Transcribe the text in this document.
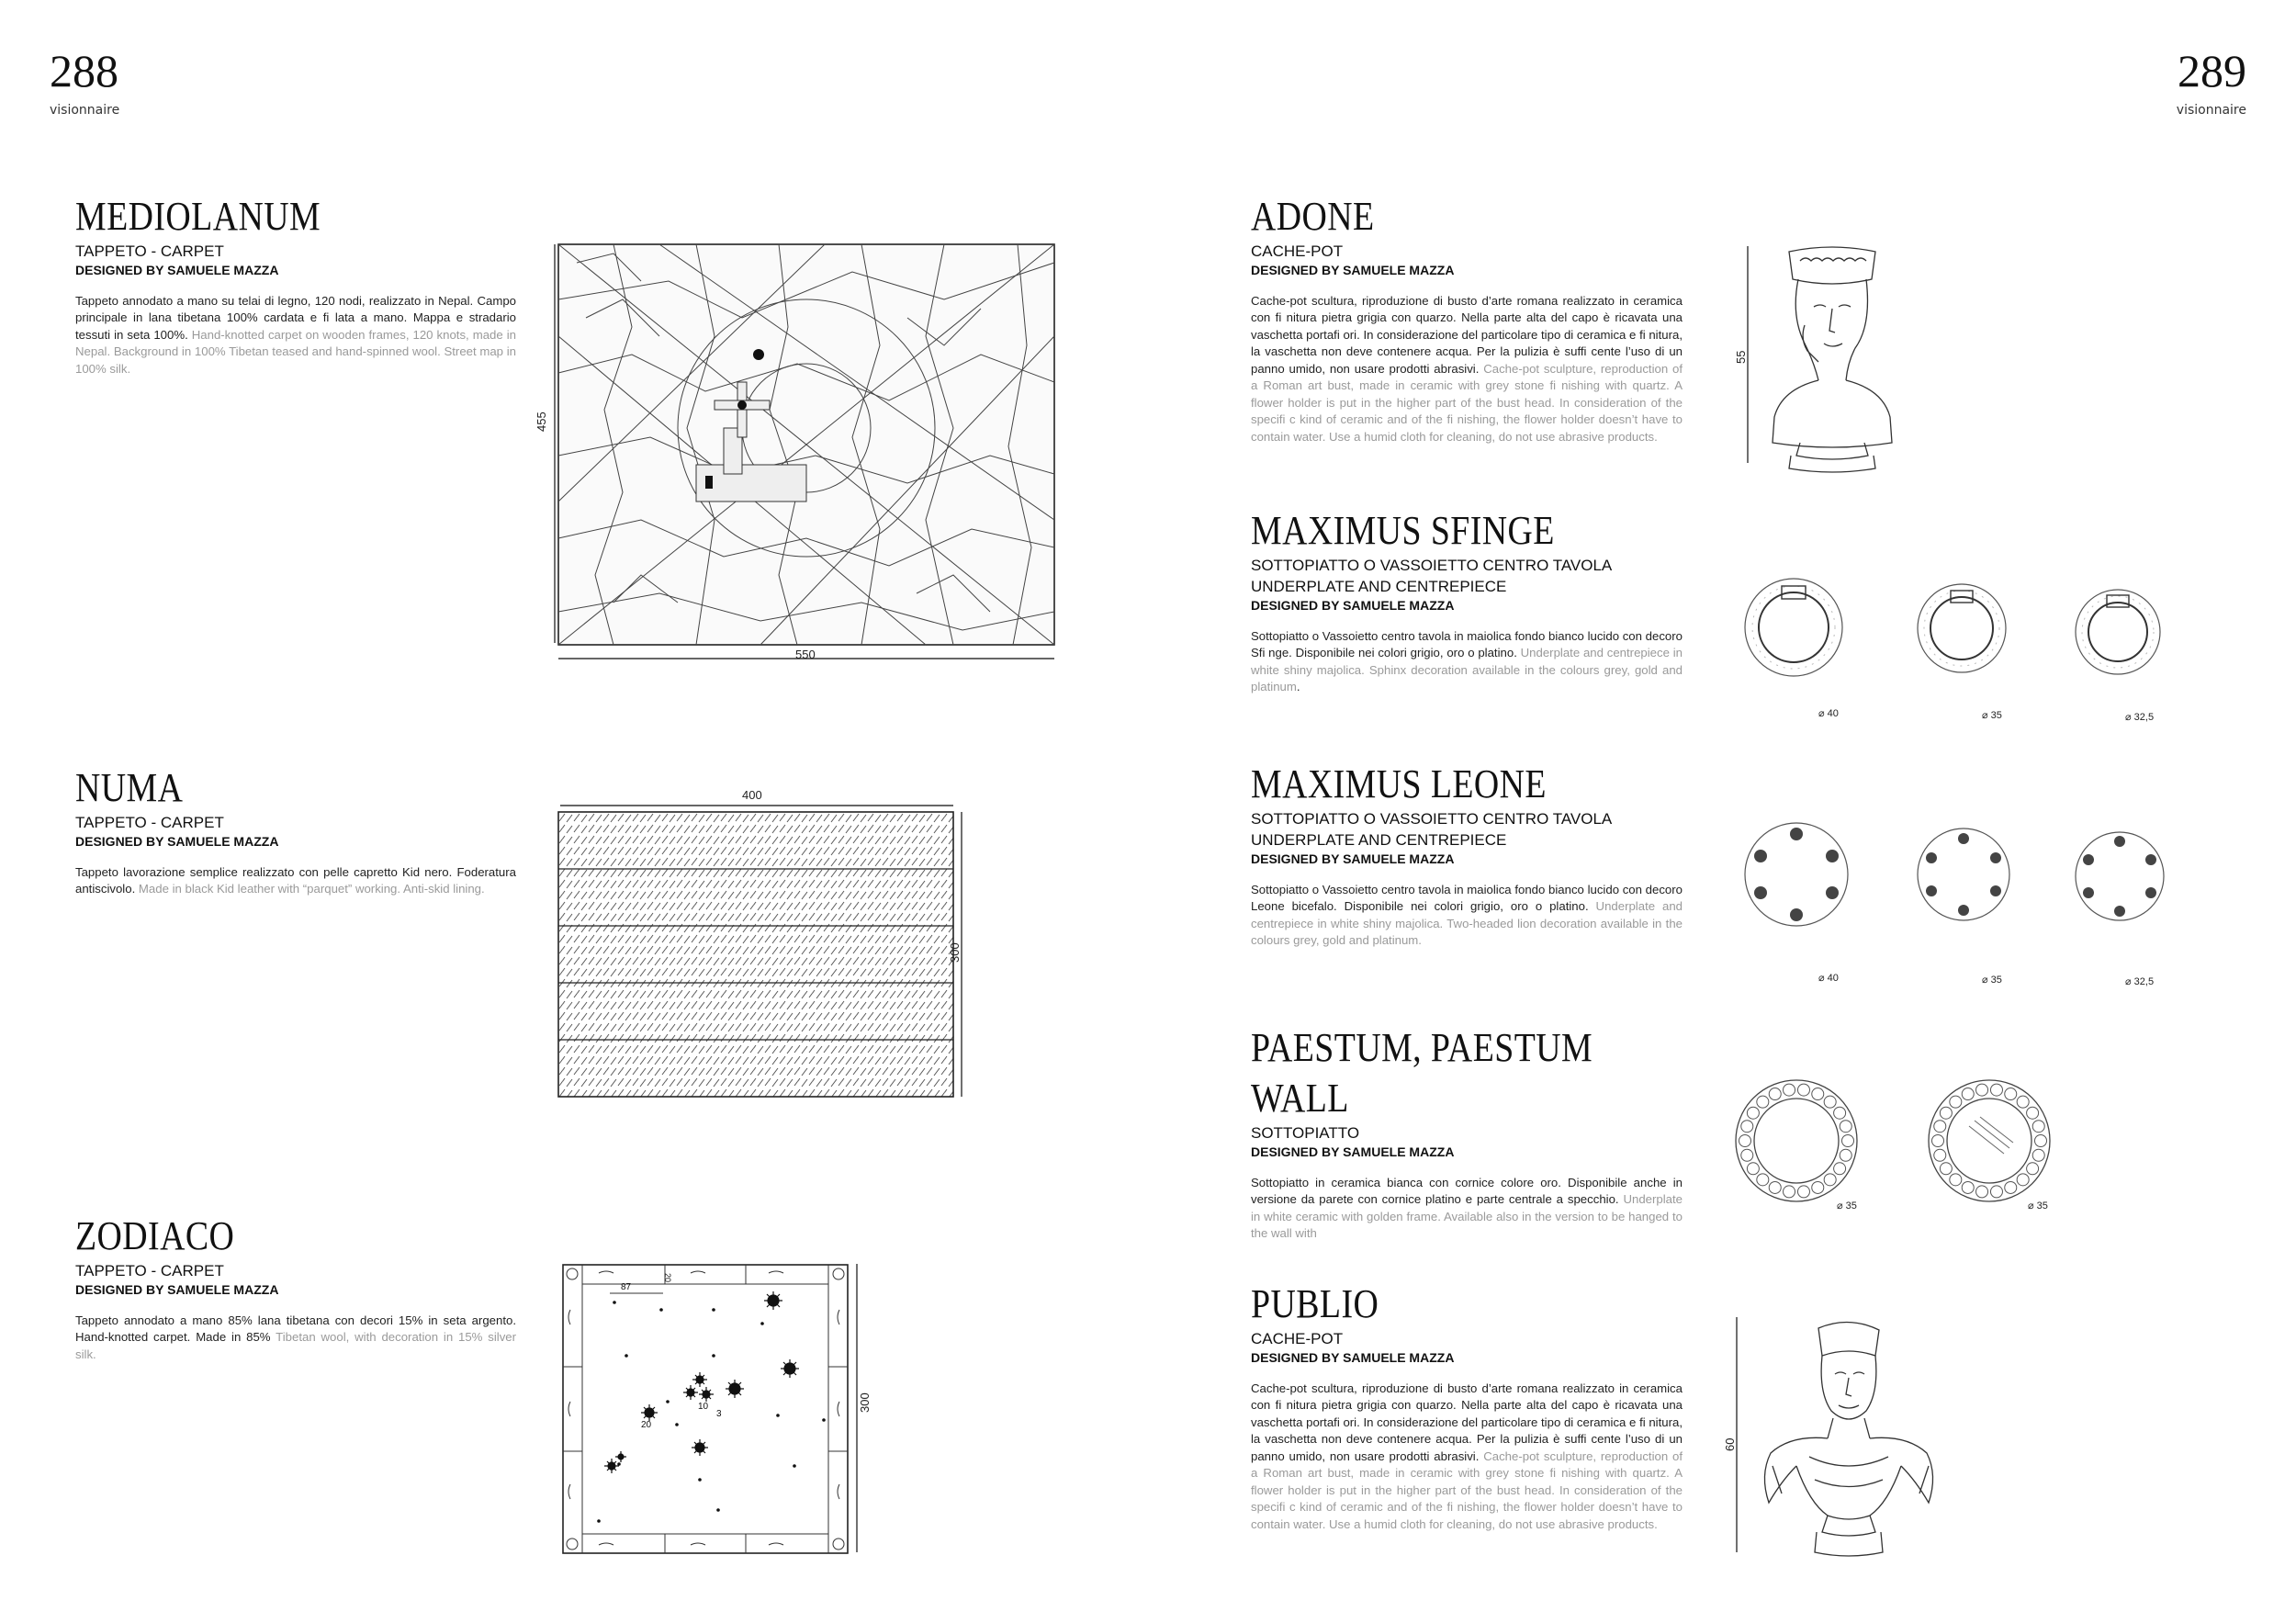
288
visionnaire
289
visionnaire
MEDIOLANUM
TAPPETO - CARPET
DESIGNED BY SAMUELE MAZZA
Tappeto annodato a mano su telai di legno, 120 nodi, realizzato in Nepal. Campo principale in lana tibetana 100% cardata e fi lata a mano. Mappa e stradario tessuti in seta 100%. Hand-knotted carpet on wooden frames, 120 knots, made in Nepal. Background in 100% Tibetan teased and hand-spinned wool. Street map in 100% silk.
455
550
NUMA
TAPPETO - CARPET
DESIGNED BY SAMUELE MAZZA
Tappeto lavorazione semplice realizzato con pelle capretto Kid nero. Foderatura antiscivolo. Made in black Kid leather with “parquet” working. Anti-skid lining.
400
300
ZODIACO
TAPPETO - CARPET
DESIGNED BY SAMUELE MAZZA
Tappeto annodato a mano 85% lana tibetana con decori 15% in seta argento. Hand-knotted carpet. Made in 85% Tibetan wool, with decoration in 15% silver silk.
87
20
20
10
3
300
ADONE
CACHE-POT
DESIGNED BY SAMUELE MAZZA
Cache-pot scultura, riproduzione di busto d’arte romana realizzato in ceramica con fi nitura pietra grigia con quarzo. Nella parte alta del capo è ricavata una vaschetta portafi ori. In considerazione del particolare tipo di ceramica e fi nitura, la vaschetta non deve contenere acqua. Per la pulizia è suffi cente l’uso di un panno umido, non usare prodotti abrasivi. Cache-pot sculpture, reproduction of a Roman art bust, made in ceramic with grey stone fi nishing with quartz. A flower holder is put in the higher part of the bust head. In consideration of the specifi c kind of ceramic and of the fi nishing, the flower holder doesn’t have to contain water. Use a humid cloth for cleaning, do not use abrasive products.
55
MAXIMUS SFINGE
SOTTOPIATTO O VASSOIETTO CENTRO TAVOLA
UNDERPLATE AND CENTREPIECE
DESIGNED BY SAMUELE MAZZA
Sottopiatto o Vassoietto centro tavola in maiolica fondo bianco lucido con decoro Sfi nge. Disponibile nei colori grigio, oro o platino. Underplate and centrepiece in white shiny majolica. Sphinx decoration available in the colours grey, gold and platinum.
⌀ 40	⌀ 35	⌀ 32,5
MAXIMUS LEONE
SOTTOPIATTO O VASSOIETTO CENTRO TAVOLA
UNDERPLATE AND CENTREPIECE
DESIGNED BY SAMUELE MAZZA
Sottopiatto o Vassoietto centro tavola in maiolica fondo bianco lucido con decoro Leone bicefalo. Disponibile nei colori grigio, oro o platino. Underplate and centrepiece in white shiny majolica. Two-headed lion decoration available in the colours grey, gold and platinum.
⌀ 40	⌀ 35	⌀ 32,5
PAESTUM, PAESTUM
WALL
SOTTOPIATTO
DESIGNED BY SAMUELE MAZZA
Sottopiatto in ceramica bianca con cornice colore oro. Disponibile anche in versione da parete con cornice platino e parte centrale a specchio. Underplate in white ceramic with golden frame. Available also in the version to be hanged to the wall with
⌀ 35	⌀ 35
PUBLIO
CACHE-POT
DESIGNED BY SAMUELE MAZZA
Cache-pot scultura, riproduzione di busto d’arte romana realizzato in ceramica con fi nitura pietra grigia con quarzo. Nella parte alta del capo è ricavata una vaschetta portafi ori. In considerazione del particolare tipo di ceramica e fi nitura, la vaschetta non deve contenere acqua. Per la pulizia è suffi cente l’uso di un panno umido, non usare prodotti abrasivi. Cache-pot sculpture, reproduction of a Roman art bust, made in ceramic with grey stone fi nishing with quartz. A flower holder is put in the higher part of the bust head. In consideration of the specifi c kind of ceramic and of the fi nishing, the flower holder doesn’t have to contain water. Use a humid cloth for cleaning, do not use abrasive products.
60
